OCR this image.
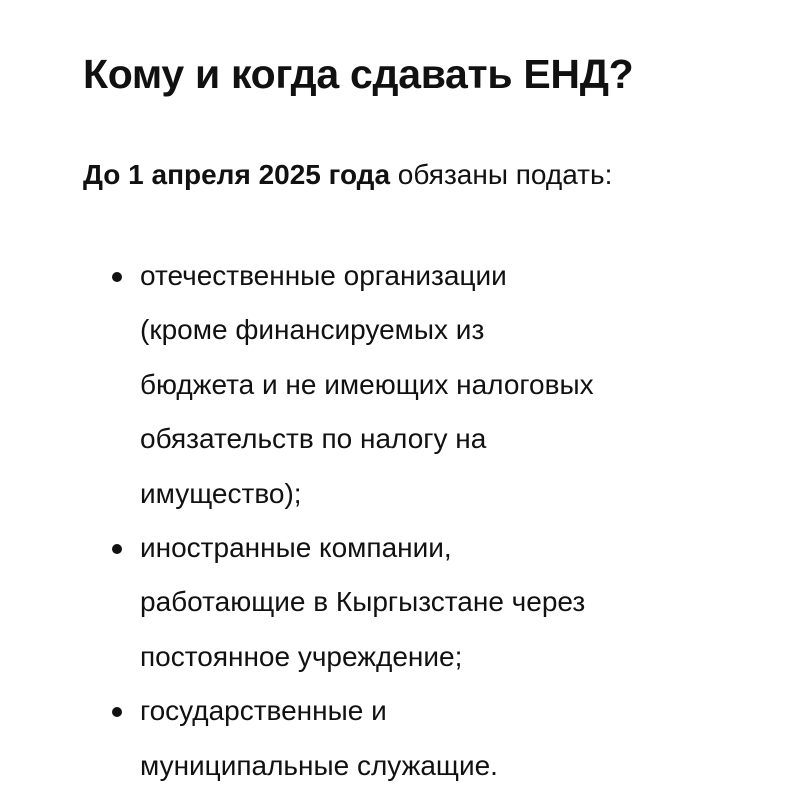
Кому и когда сдавать ЕНД?

До 1 апреля 2025 года обязаны подать:

отечественные организации
(кроме финансируемых из
бюджета и не имеющих налоговых
обязательств по налогу на
имущество);
иностранные компании,
работающие в Кыргызстане через
постоянное учреждение;
государственные и
муниципальные служащие.
